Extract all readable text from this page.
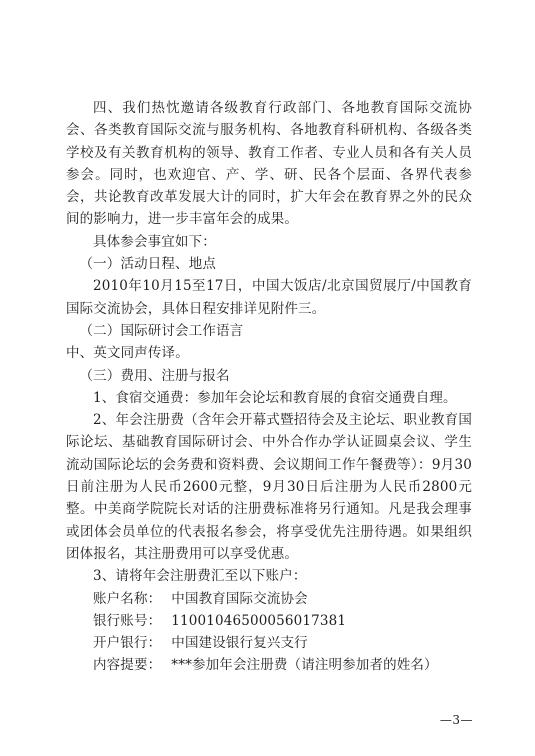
四、我们热忱邀请各级教育行政部门、各地教育国际交流协会、各类教育国际交流与服务机构、各地教育科研机构、各级各类学校及有关教育机构的领导、教育工作者、专业人员和各有关人员参会。同时，也欢迎官、产、学、研、民各个层面、各界代表参会，共论教育改革发展大计的同时，扩大年会在教育界之外的民众间的影响力，进一步丰富年会的成果。

具体参会事宜如下：

（一）活动日程、地点

2010年10月15至17日，中国大饭店/北京国贸展厅/中国教育国际交流协会，具体日程安排详见附件三。

（二）国际研讨会工作语言

中、英文同声传译。

（三）费用、注册与报名

1、食宿交通费：参加年会论坛和教育展的食宿交通费自理。

2、年会注册费（含年会开幕式暨招待会及主论坛、职业教育国际论坛、基础教育国际研讨会、中外合作办学认证圆桌会议、学生流动国际论坛的会务费和资料费、会议期间工作午餐费等）：9月30日前注册为人民币2600元整，9月30日后注册为人民币2800元整。中美商学院院长对话的注册费标准将另行通知。凡是我会理事或团体会员单位的代表报名参会，将享受优先注册待遇。如果组织团体报名，其注册费用可以享受优惠。

3、请将年会注册费汇至以下账户：

账户名称： 中国教育国际交流协会

银行账号： 11001046500056017381

开户银行： 中国建设银行复兴支行

内容提要： ***参加年会注册费（请注明参加者的姓名）

—3—
